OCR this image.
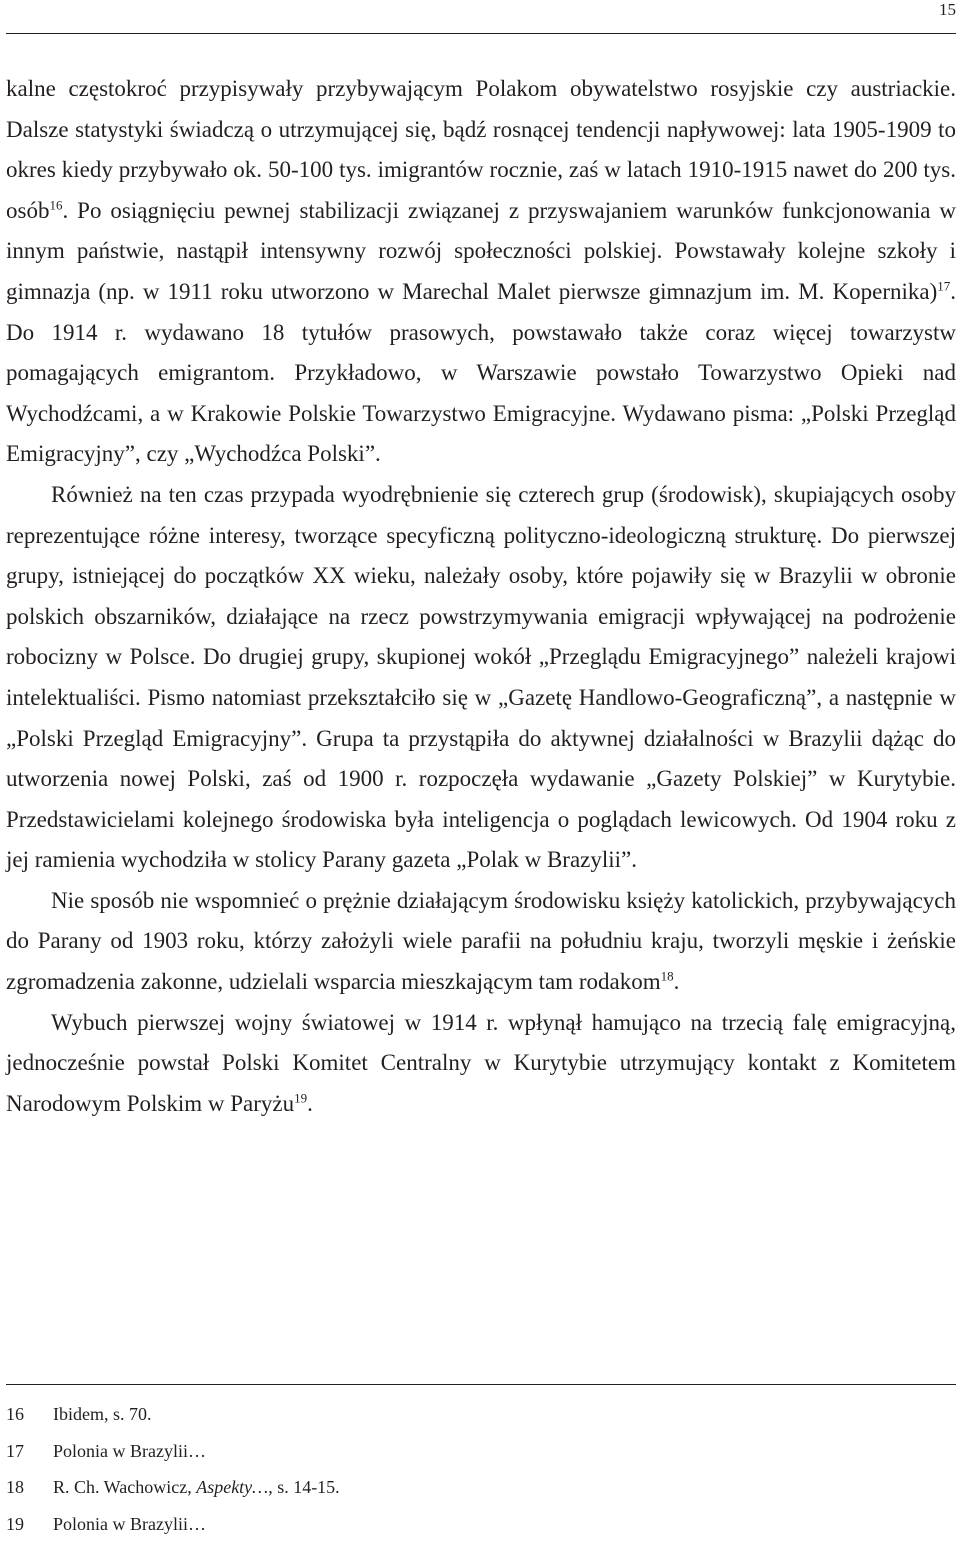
15

kalne częstokroć przypisywały przybywającym Polakom obywatelstwo rosyjskie czy austriackie. Dalsze statystyki świadczą o utrzymującej się, bądź rosnącej tendencji napływowej: lata 1905-1909 to okres kiedy przybywało ok. 50-100 tys. imigrantów rocznie, zaś w latach 1910-1915 nawet do 200 tys. osób$^{16}$. Po osiągnięciu pewnej stabilizacji związanej z przyswajaniem warunków funkcjonowania w innym państwie, nastąpił intensywny rozwój społeczności polskiej. Powstawały kolejne szkoły i gimnazja (np. w 1911 roku utworzono w Marechal Malet pierwsze gimnazjum im. M. Kopernika)$^{17}$. Do 1914 r. wydawano 18 tytułów prasowych, powstawało także coraz więcej towarzystw pomagających emigrantom. Przykładowo, w Warszawie powstało Towarzystwo Opieki nad Wychodźcami, a w Krakowie Polskie Towarzystwo Emigracyjne. Wydawano pisma: „Polski Przegląd Emigracyjny”, czy „Wychodźca Polski”.

Również na ten czas przypada wyodrębnienie się czterech grup (środowisk), skupiających osoby reprezentujące różne interesy, tworzące specyficzną polityczno-ideologiczną strukturę. Do pierwszej grupy, istniejącej do początków XX wieku, należały osoby, które pojawiły się w Brazylii w obronie polskich obszarników, działające na rzecz powstrzymywania emigracji wpływającej na podrożenie robocizny w Polsce. Do drugiej grupy, skupionej wokół „Przeglądu Emigracyjnego” należeli krajowi intelektualiści. Pismo natomiast przekształciło się w „Gazetę Handlowo-Geograficzną”, a następnie w „Polski Przegląd Emigracyjny”. Grupa ta przystąpiła do aktywnej działalności w Brazylii dążąc do utworzenia nowej Polski, zaś od 1900 r. rozpoczęła wydawanie „Gazety Polskiej” w Kurytybie. Przedstawicielami kolejnego środowiska była inteligencja o poglądach lewicowych. Od 1904 roku z jej ramienia wychodziła w stolicy Parany gazeta „Polak w Brazylii”.

Nie sposób nie wspomnieć o prężnie działającym środowisku księży katolickich, przybywających do Parany od 1903 roku, którzy założyli wiele parafii na południu kraju, tworzyli męskie i żeńskie zgromadzenia zakonne, udzielali wsparcia mieszkającym tam rodakom$^{18}$.

Wybuch pierwszej wojny światowej w 1914 r. wpłynął hamująco na trzecią falę emigracyjną, jednocześnie powstał Polski Komitet Centralny w Kurytybie utrzymujący kontakt z Komitetem Narodowym Polskim w Paryżu$^{19}$.

16	Ibidem, s. 70.
17	Polonia w Brazylii…
18	R. Ch. Wachowicz, Aspekty…, s. 14-15.
19	Polonia w Brazylii…
